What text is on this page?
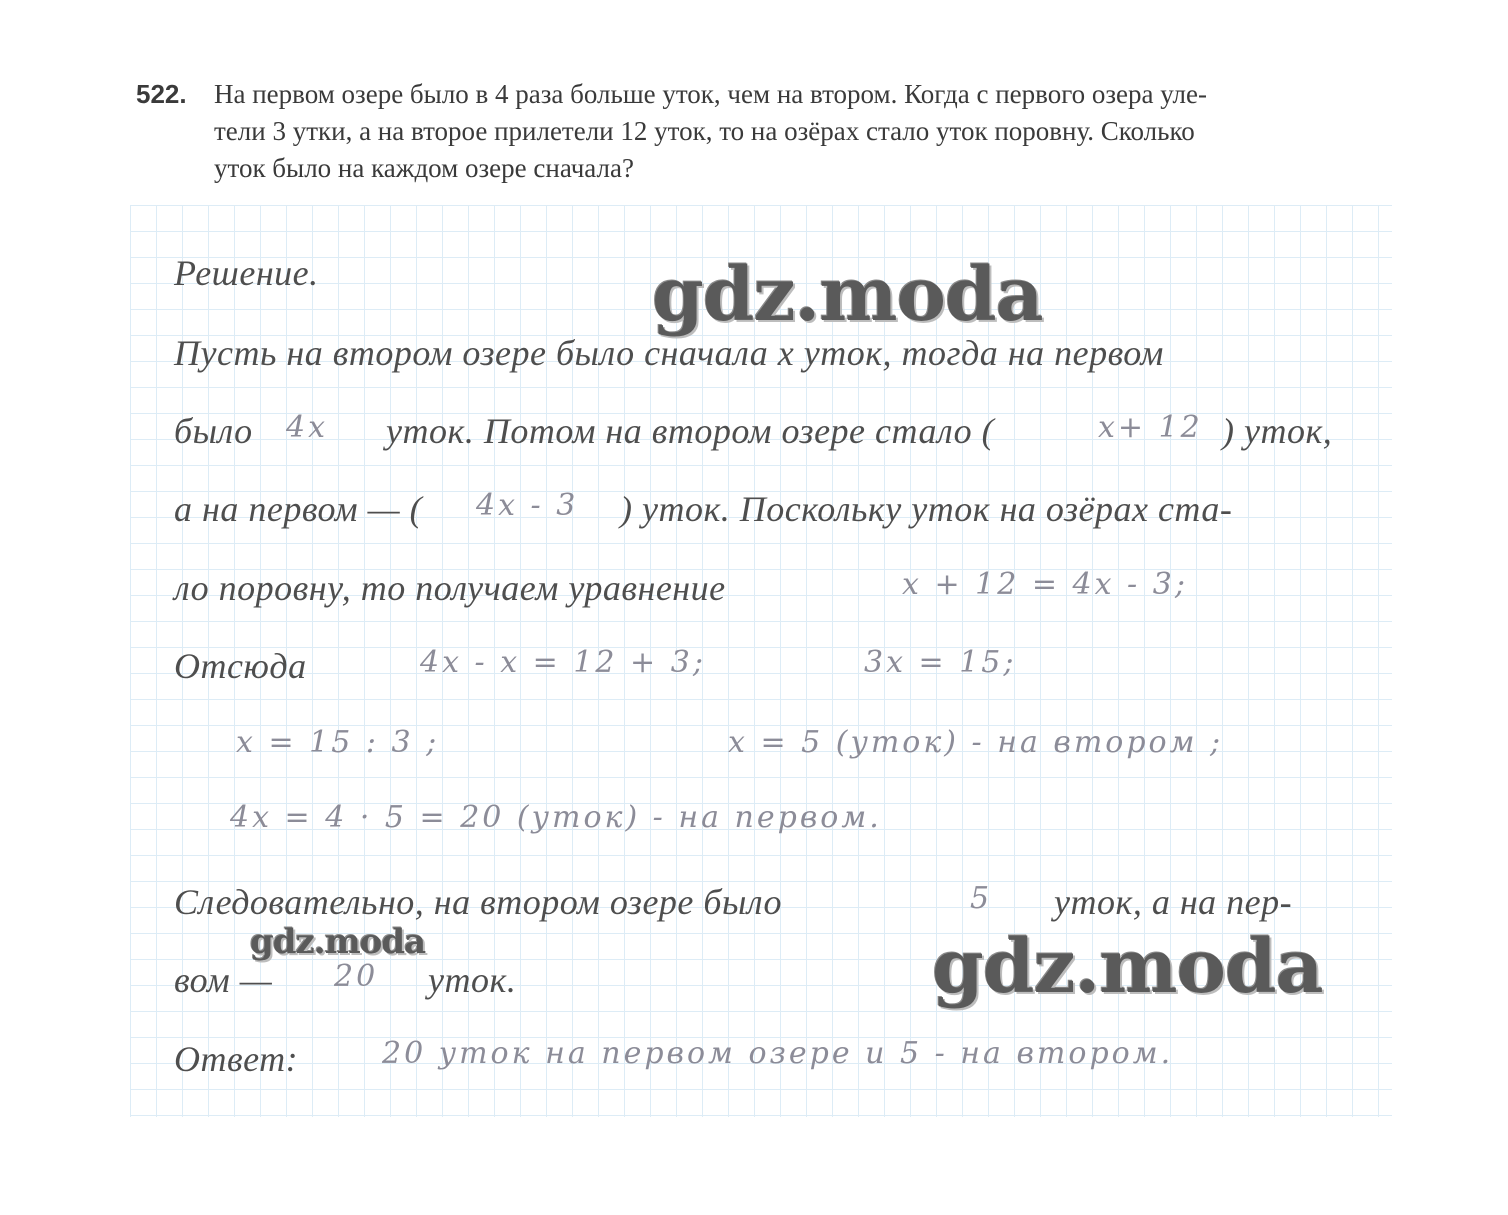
522. На первом озере было в 4 раза больше уток, чем на втором. Когда с первого озера уле-
тели 3 утки, а на второе прилетели 12 уток, то на озёрах стало уток поровну. Сколько
уток было на каждом озере сначала?
Решение.
Пусть на втором озере было сначала x уток, тогда на первом
было	уток. Потом на втором озере стало (	) уток,
а на первом — (	) уток. Поскольку уток на озёрах ста-
ло поровну, то получаем уравнение
Отсюда
Следовательно, на втором озере было	уток, а на пер-
вом —	уток.
Ответ:
4x	x+ 12
4x - 3
x + 12 = 4x - 3;
4x - x = 12 + 3;	3x = 15;
x = 15 : 3 ;	x = 5 (уток) - на втором ;
4x = 4 · 5 = 20 (уток) - на первом.
5
20
20 уток на первом озере и 5 - на втором.
gdz.moda
gdz.moda	gdz.moda
